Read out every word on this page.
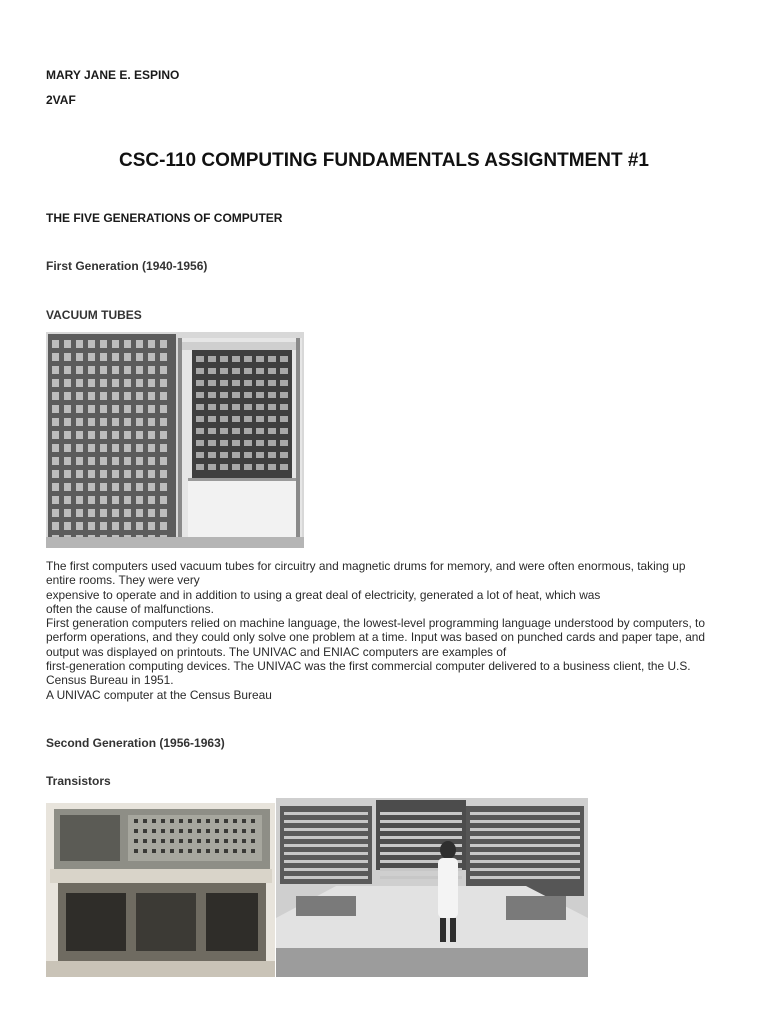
MARY JANE E. ESPINO
2VAF
CSC-110 COMPUTING FUNDAMENTALS ASSIGNTMENT #1
THE FIVE GENERATIONS OF COMPUTER
First Generation (1940-1956)
VACUUM TUBES
The first computers used vacuum tubes for circuitry and magnetic drums for memory, and were often enormous, taking up
entire rooms. They were very
expensive to operate and in addition to using a great deal of electricity, generated a lot of heat, which was
often the cause of malfunctions.
First generation computers relied on machine language, the lowest-level programming language understood by computers, to
perform operations, and they could only solve one problem at a time. Input was based on punched cards and paper tape, and
output was displayed on printouts. The UNIVAC and ENIAC computers are examples of
first-generation computing devices. The UNIVAC was the first commercial computer delivered to a business client, the U.S.
Census Bureau in 1951.
A UNIVAC computer at the Census Bureau
Second Generation (1956-1963)
Transistors
